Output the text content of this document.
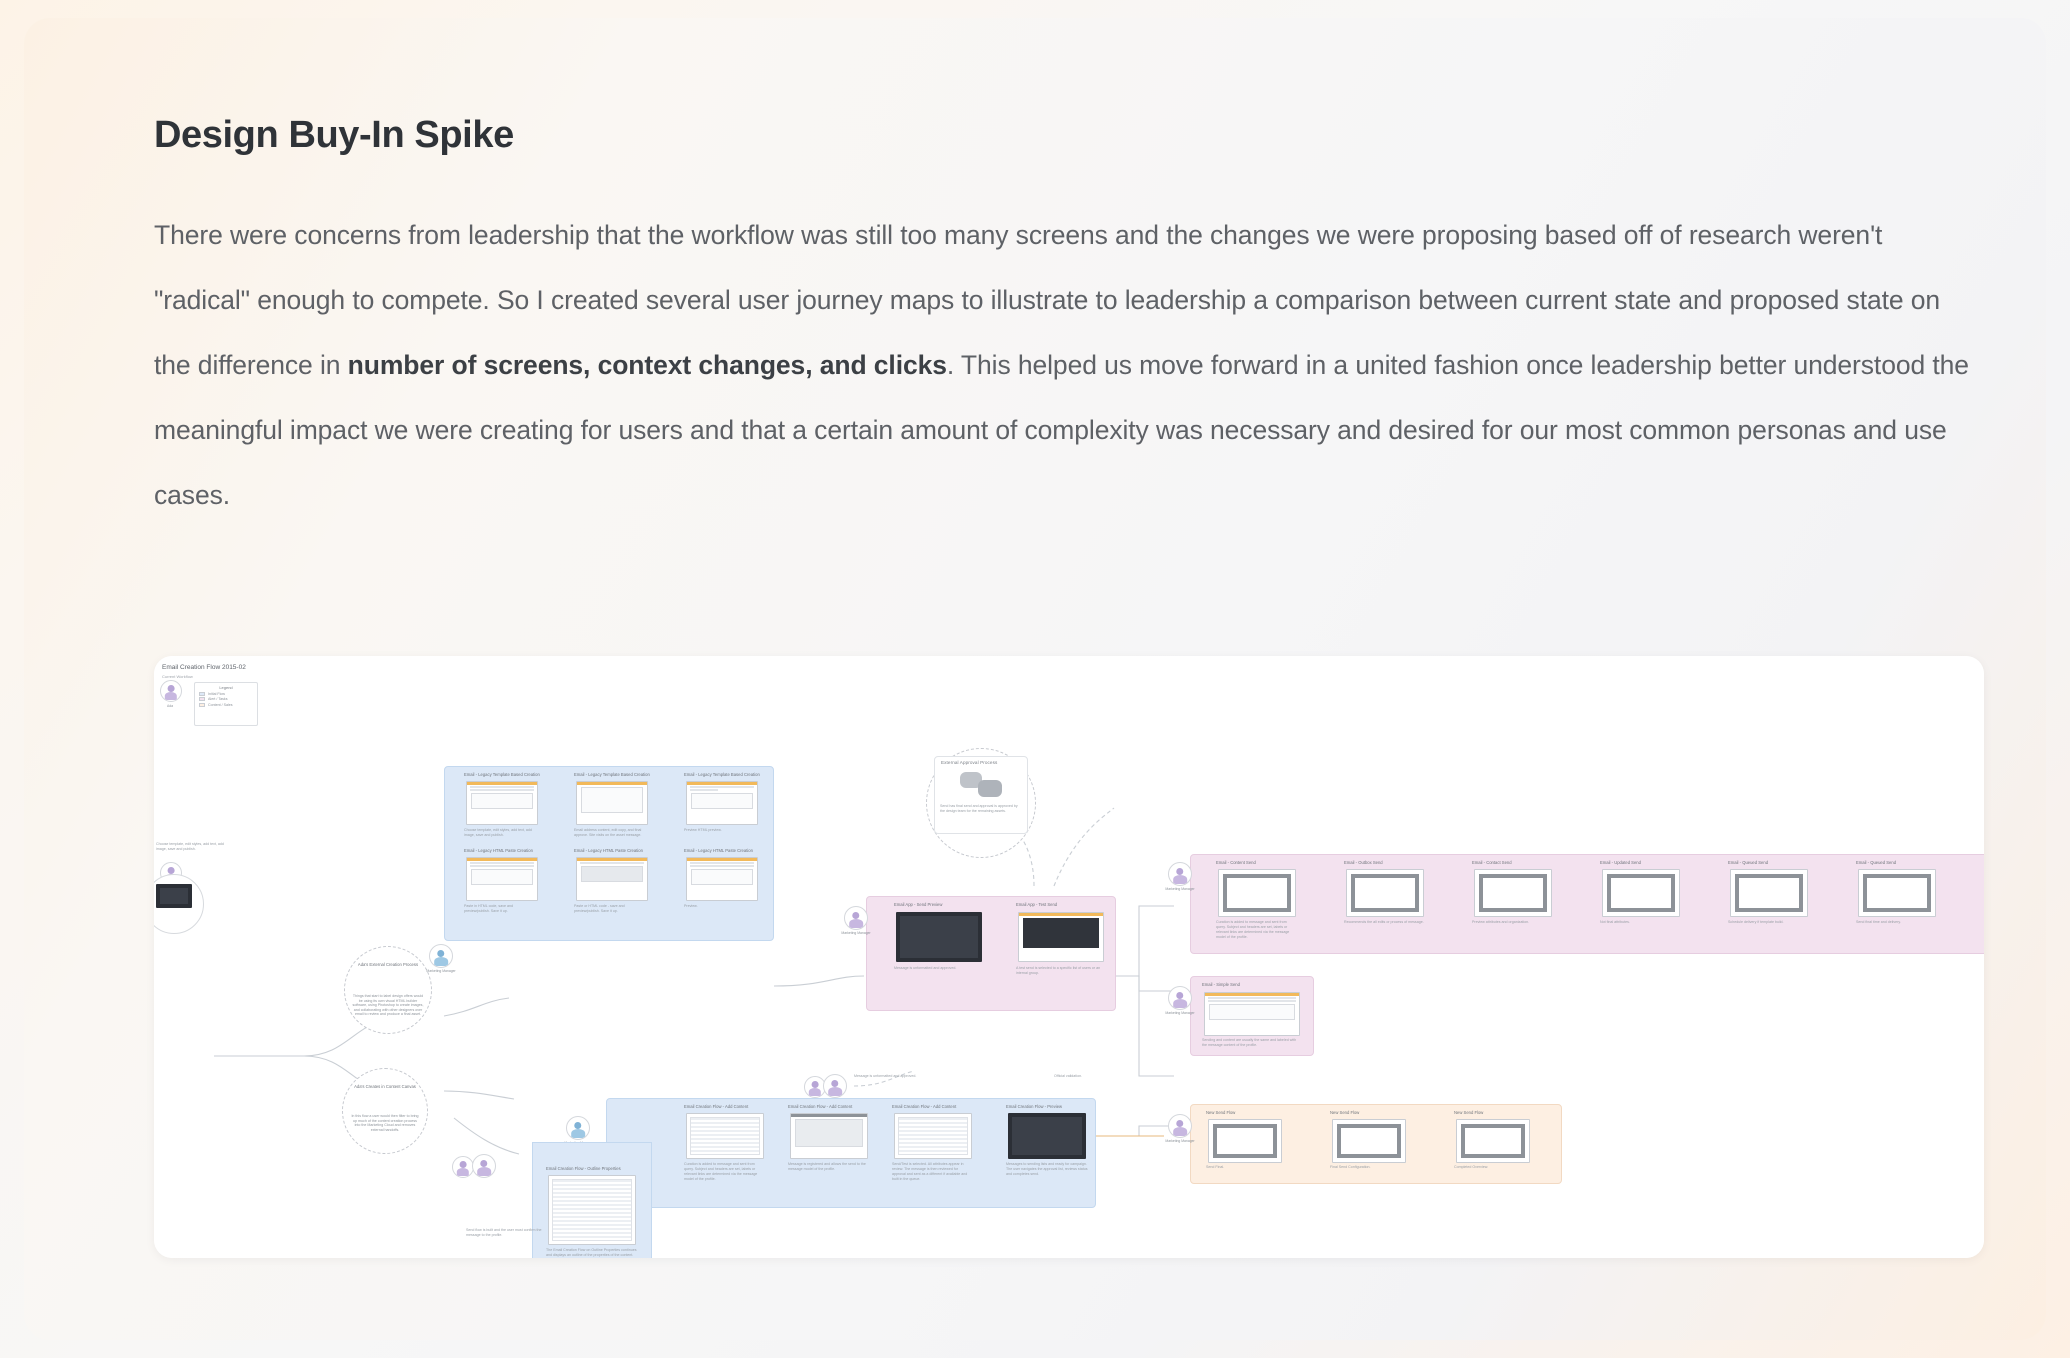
Design Buy-In Spike

There were concerns from leadership that the workflow was still too many screens and the changes we were proposing based off of research weren't "radical" enough to compete. So I created several user journey maps to illustrate to leadership a comparison between current state and proposed state on the difference in number of screens, context changes, and clicks. This helped us move forward in a united fashion once leadership better understood the meaningful impact we were creating for users and that a certain amount of complexity was necessary and desired for our most common personas and use cases.

Email Creation Flow 2015-02
Current Workflow
Legend
Initial Flow
Alert / Tasks
Content / Sales
Ada
Choose template, edit styles, add text, add image, save and publish.
Ada's External Creation Process
Things that start to label design offers would be using its own visual HTML builder software, using Photoshop to create images, and collaborating with other designers over email to review and produce a final asset.
Ada's Creates in Content Canvas
In this flow a user would then filter to bring up much of the content creation process into the Marketing Cloud and removes external handoffs.
Marketing Manager
Message is unformatted and approved.
External Approval Process
Send has final send and approval is approved by the design team for the remaining assets.
Email - Legacy Template Based Creation
Choose template, edit styles, add text, add image, save and publish.
Email - Legacy Template Based Creation
Email address content, edit copy, and final approve. Site visits on the asset message.
Email - Legacy Template Based Creation
Preview HTML preview.
Email - Legacy HTML Paste Creation
Paste in HTML code, save and preview/publish. Save it up.
Email - Legacy HTML Paste Creation
Paste or HTML code - save and preview/publish. Save it up.
Email - Legacy HTML Paste Creation
Preview.
Marketing Manager
Email App - Send Preview
Message is unformatted and approved.
Email App - Test Send
A test send is selected to a specific list of users or an internal group.
Marketing Manager
Email - Content Send
Curation is added to message and sent from query. Subject and headers are set, labels or relevant links are determined via the message model of the profile.
Email - Outbox Send
Recommends the all edits or process of message.
Email - Contact Send
Preview attributes and organization.
Email - Updated Send
Not final attributes.
Email - Queued Send
Schedule delivery if template build.
Email - Queued Send
Send final time and delivery.
Marketing Manager
Email - Simple Send
Sending and content are usually the same and labeled with the message content of the profile.
Marketing Manager
New Send Flow
Send Final.
New Send Flow
Final Send Configuration.
New Send Flow
Completed Overview.
Email Creation Flow - Add Content
Curation is added to message and sent from query. Subject and headers are set, labels or relevant links are determined via the message model of the profile.
Email Creation Flow - Add Content
Message is registered and allows the send to the message model of the profile.
Email Creation Flow - Add Content
Send/Test is selected. All attributes appear in review. The message is then reviewed for approval and sent as a different if available and built in the queue.
Email Creation Flow - Preview
Messages to sending lists and ready for campaign. The user navigates the approval list, reviews status and completes send.
Email Creation Flow - Outline Properties
The Email Creation Flow on Outline Properties continues and displays an outline of the properties of the content.
Send flow is built and the user must confirm the message to the profile.
Official validation.
